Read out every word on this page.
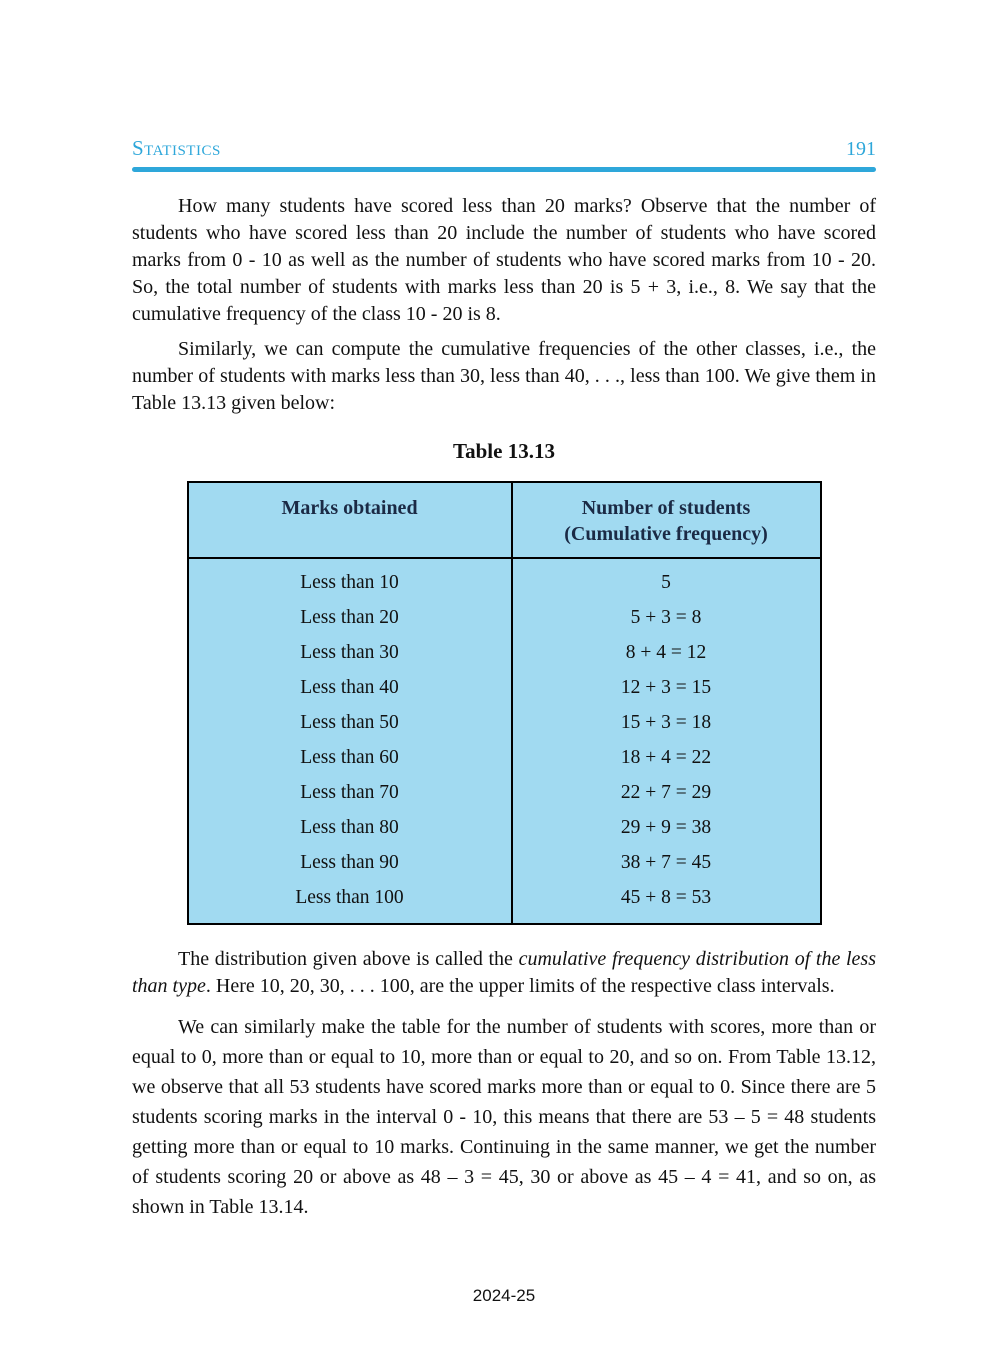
Statistics	191

How many students have scored less than 20 marks? Observe that the number of students who have scored less than 20 include the number of students who have scored marks from 0 - 10 as well as the number of students who have scored marks from 10 - 20. So, the total number of students with marks less than 20 is 5 + 3, i.e., 8. We say that the cumulative frequency of the class 10 - 20 is 8.

Similarly, we can compute the cumulative frequencies of the other classes, i.e., the number of students with marks less than 30, less than 40, . . ., less than 100. We give them in Table 13.13 given below:

Table 13.13
Marks obtained	Number of students
(Cumulative frequency)
Less than 10	5
Less than 20	5 + 3 = 8
Less than 30	8 + 4 = 12
Less than 40	12 + 3 = 15
Less than 50	15 + 3 = 18
Less than 60	18 + 4 = 22
Less than 70	22 + 7 = 29
Less than 80	29 + 9 = 38
Less than 90	38 + 7 = 45
Less than 100	45 + 8 = 53

The distribution given above is called the cumulative frequency distribution of the less than type. Here 10, 20, 30, . . . 100, are the upper limits of the respective class intervals.

We can similarly make the table for the number of students with scores, more than or equal to 0, more than or equal to 10, more than or equal to 20, and so on. From Table 13.12, we observe that all 53 students have scored marks more than or equal to 0. Since there are 5 students scoring marks in the interval 0 - 10, this means that there are 53 – 5 = 48 students getting more than or equal to 10 marks. Continuing in the same manner, we get the number of students scoring 20 or above as 48 – 3 = 45, 30 or above as 45 – 4 = 41, and so on, as shown in Table 13.14.

2024-25
